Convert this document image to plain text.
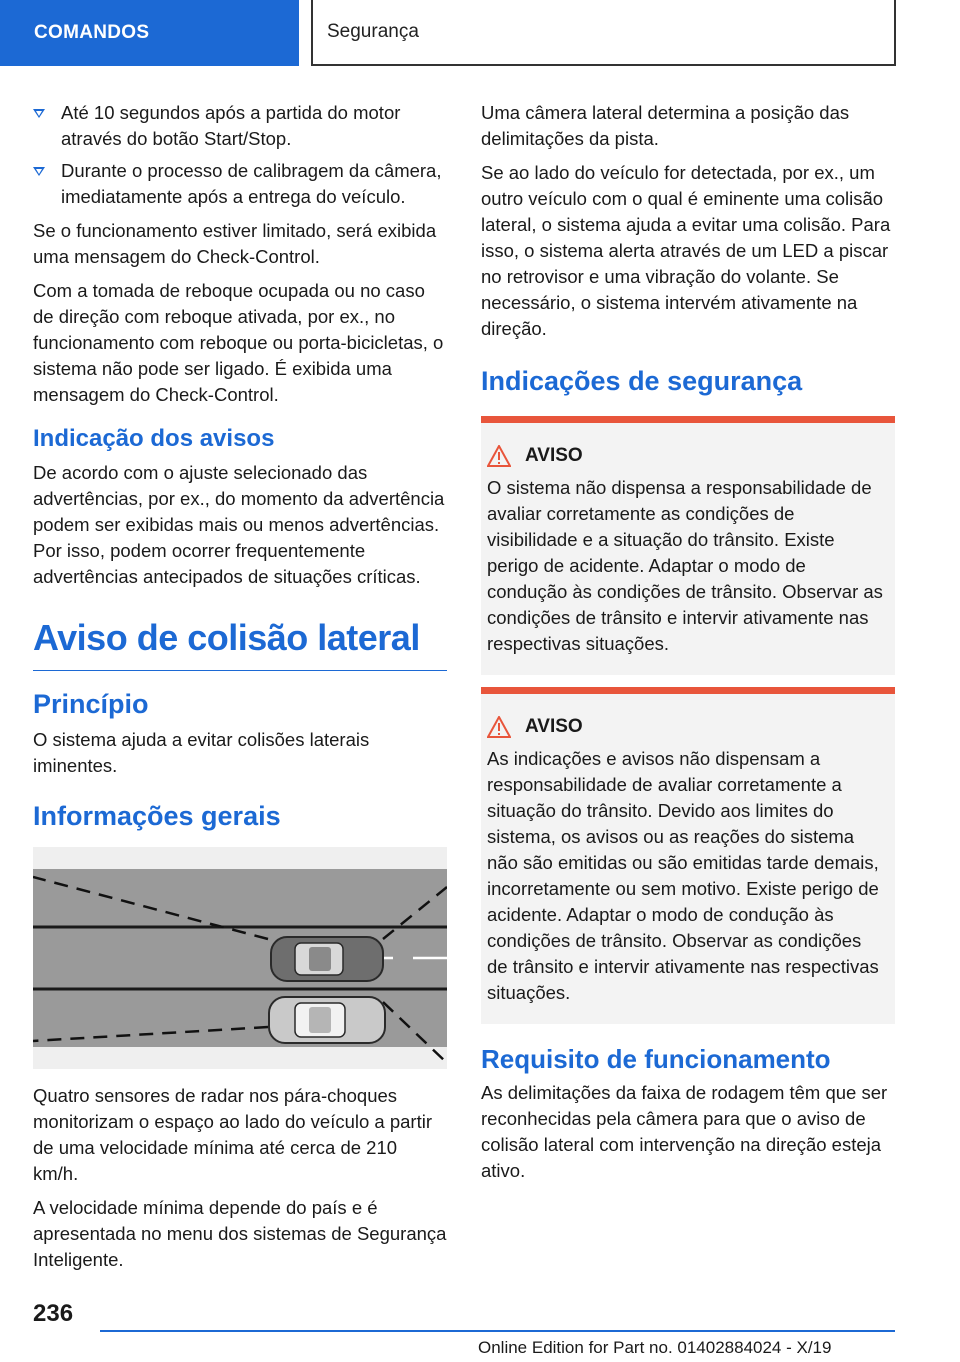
COMANDOS	Segurança
Até 10 segundos após a partida do motor através do botão Start/Stop.
Durante o processo de calibragem da câmera, imediatamente após a entrega do veículo.

Se o funcionamento estiver limitado, será exibida uma mensagem do Check-Control.

Com a tomada de reboque ocupada ou no caso de direção com reboque ativada, por ex., no funcionamento com reboque ou porta-bicicletas, o sistema não pode ser ligado. É exibida uma mensagem do Check-Control.

Indicação dos avisos

De acordo com o ajuste selecionado das advertências, por ex., do momento da advertência podem ser exibidas mais ou menos advertências. Por isso, podem ocorrer frequentemente advertências antecipados de situações críticas.

Aviso de colisão lateral
Princípio

O sistema ajuda a evitar colisões laterais iminentes.

Informações gerais

Quatro sensores de radar nos pára-choques monitorizam o espaço ao lado do veículo a partir de uma velocidade mínima até cerca de 210 km/h.

A velocidade mínima depende do país e é apresentada no menu dos sistemas de Segurança Inteligente.

Uma câmera lateral determina a posição das delimitações da pista.

Se ao lado do veículo for detectada, por ex., um outro veículo com o qual é eminente uma colisão lateral, o sistema ajuda a evitar uma colisão. Para isso, o sistema alerta através de um LED a piscar no retrovisor e uma vibração do volante. Se necessário, o sistema intervém ativamente na direção.

Indicações de segurança
AVISO

O sistema não dispensa a responsabilidade de avaliar corretamente as condições de visibilidade e a situação do trânsito. Existe perigo de acidente. Adaptar o modo de condução às condições de trânsito. Observar as condições de trânsito e intervir ativamente nas respectivas situações.

AVISO

As indicações e avisos não dispensam a responsabilidade de avaliar corretamente a situação do trânsito. Devido aos limites do sistema, os avisos ou as reações do sistema não são emitidas ou são emitidas tarde demais, incorretamente ou sem motivo. Existe perigo de acidente. Adaptar o modo de condução às condições de trânsito. Observar as condições de trânsito e intervir ativamente nas respectivas situações.

Requisito de funcionamento

As delimitações da faixa de rodagem têm que ser reconhecidas pela câmera para que o aviso de colisão lateral com intervenção na direção esteja ativo.

236
Online Edition for Part no. 01402884024 - X/19
